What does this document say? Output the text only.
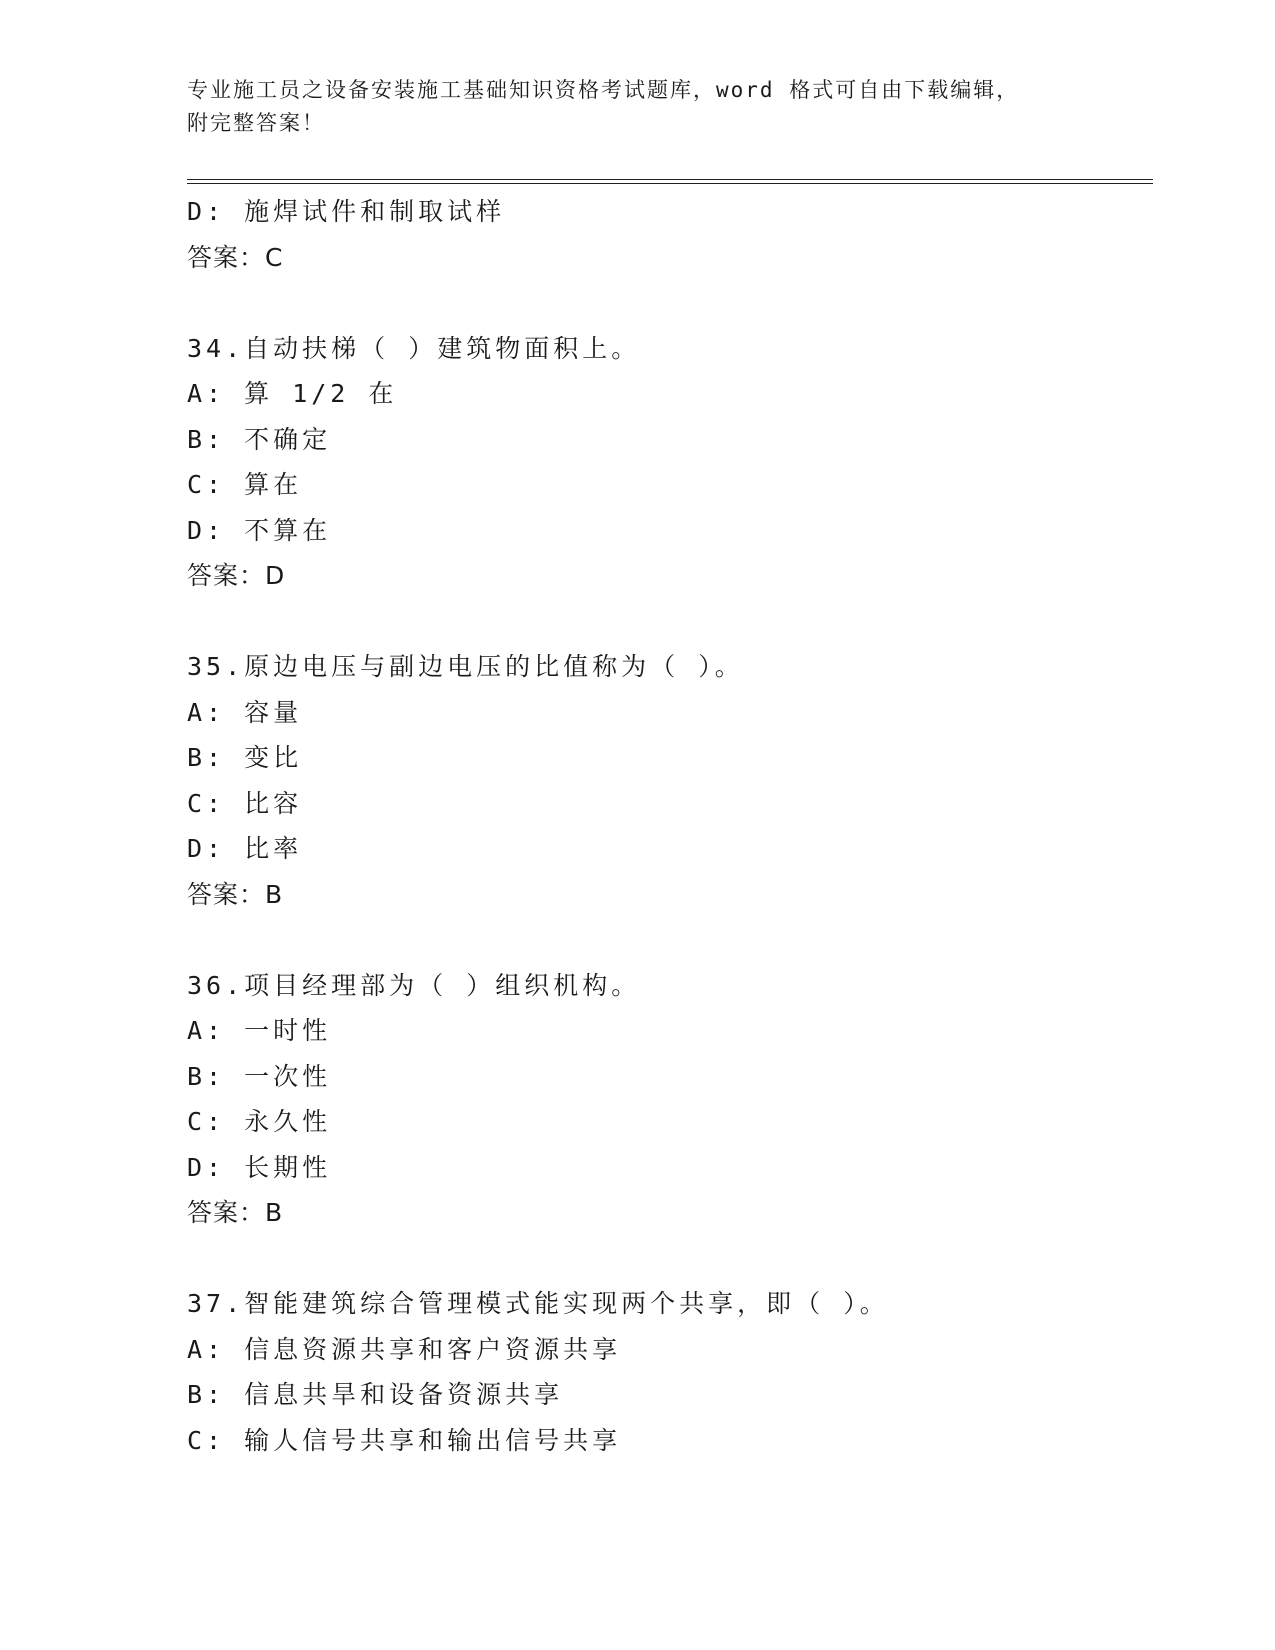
专业施工员之设备安装施工基础知识资格考试题库，word 格式可自由下载编辑，
附完整答案！
D: 施焊试件和制取试样
答案：C
34.自动扶梯（ ）建筑物面积上。
A: 算 1/2 在
B: 不确定
C: 算在
D: 不算在
答案：D
35.原边电压与副边电压的比值称为（ ）。
A: 容量
B: 变比
C: 比容
D: 比率
答案：B
36.项目经理部为（ ）组织机构。
A: 一时性
B: 一次性
C: 永久性
D: 长期性
答案：B
37.智能建筑综合管理模式能实现两个共享，即（ ）。
A: 信息资源共享和客户资源共享
B: 信息共旱和设备资源共享
C: 输人信号共享和输出信号共享
